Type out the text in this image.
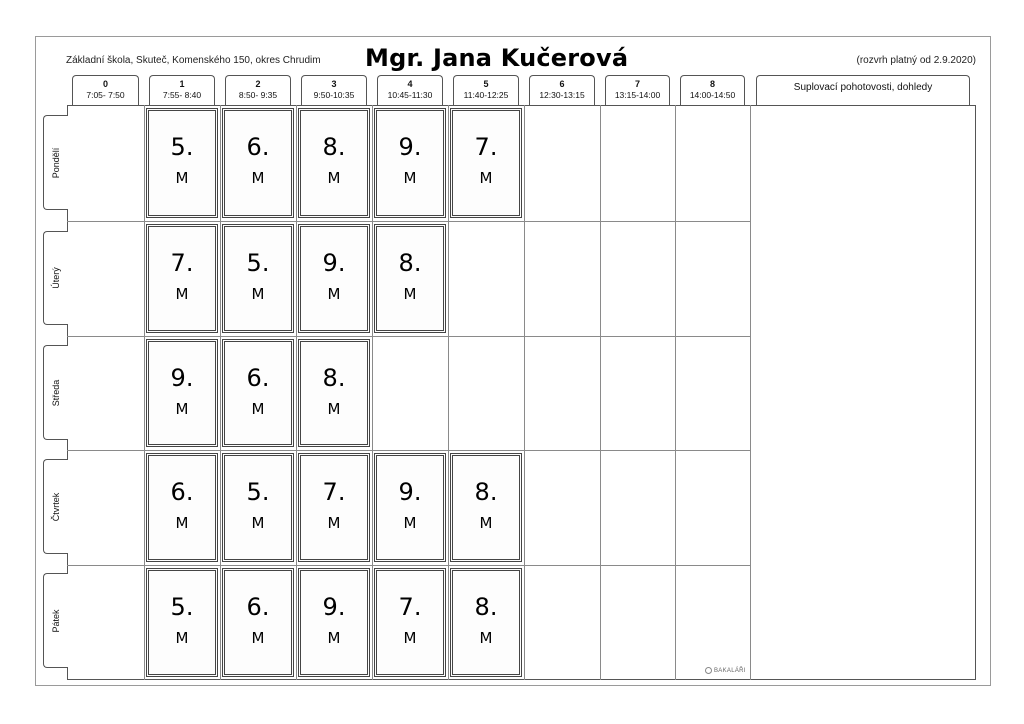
Základní škola, Skuteč, Komenského 150, okres Chrudim Mgr. Jana Kučerová	(rozvrh platný od 2.9.2020)
0
7:05- 7:50
1
7:55- 8:40
2
8:50- 9:35
3
9:50-10:35
4
10:45-11:30
5
11:40-12:25
6
12:30-13:15
7
13:15-14:00
8
14:00-14:50
Suplovací pohotovosti, dohledy
Pondělí
Úterý
Středa
Čtvrtek
Pátek
5.
M
6.
M
8.
M
9.
M
7.
M
7.
M
5.
M
9.
M
8.
M
9.
M
6.
M
8.
M
6.
M
5.
M
7.
M
9.
M
8.
M
5.
M
6.
M
9.
M
7.
M
8.
M
BAKALÁŘI
